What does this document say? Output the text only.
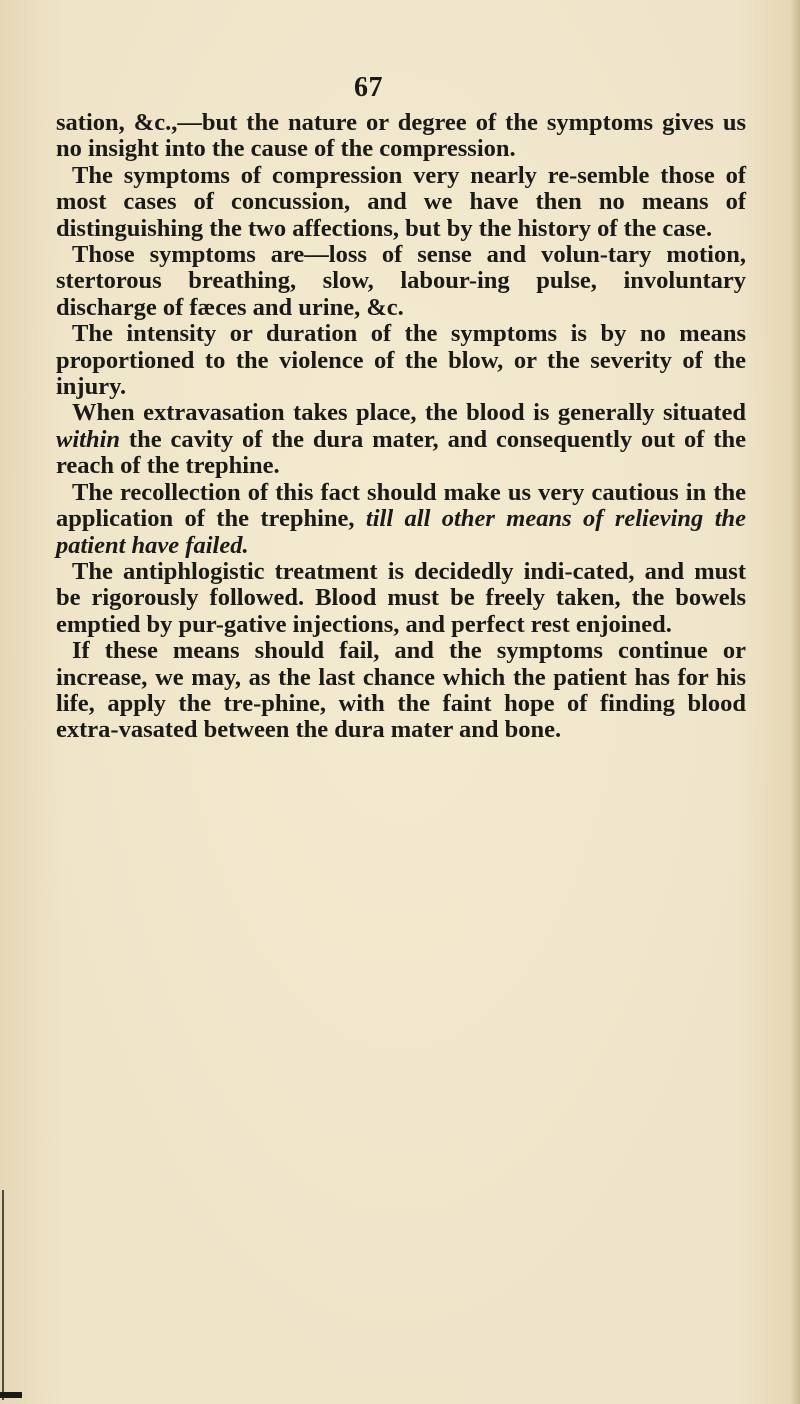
67

sation, &c.,—but the nature or degree of the symptoms gives us no insight into the cause of the compression.

The symptoms of compression very nearly re-semble those of most cases of concussion, and we have then no means of distinguishing the two affections, but by the history of the case.

Those symptoms are—loss of sense and volun-tary motion, stertorous breathing, slow, labour-ing pulse, involuntary discharge of fæces and urine, &c.

The intensity or duration of the symptoms is by no means proportioned to the violence of the blow, or the severity of the injury.

When extravasation takes place, the blood is generally situated within the cavity of the dura mater, and consequently out of the reach of the trephine.

The recollection of this fact should make us very cautious in the application of the trephine, till all other means of relieving the patient have failed.

The antiphlogistic treatment is decidedly indi-cated, and must be rigorously followed. Blood must be freely taken, the bowels emptied by pur-gative injections, and perfect rest enjoined.

If these means should fail, and the symptoms continue or increase, we may, as the last chance which the patient has for his life, apply the tre-phine, with the faint hope of finding blood extra-vasated between the dura mater and bone.
